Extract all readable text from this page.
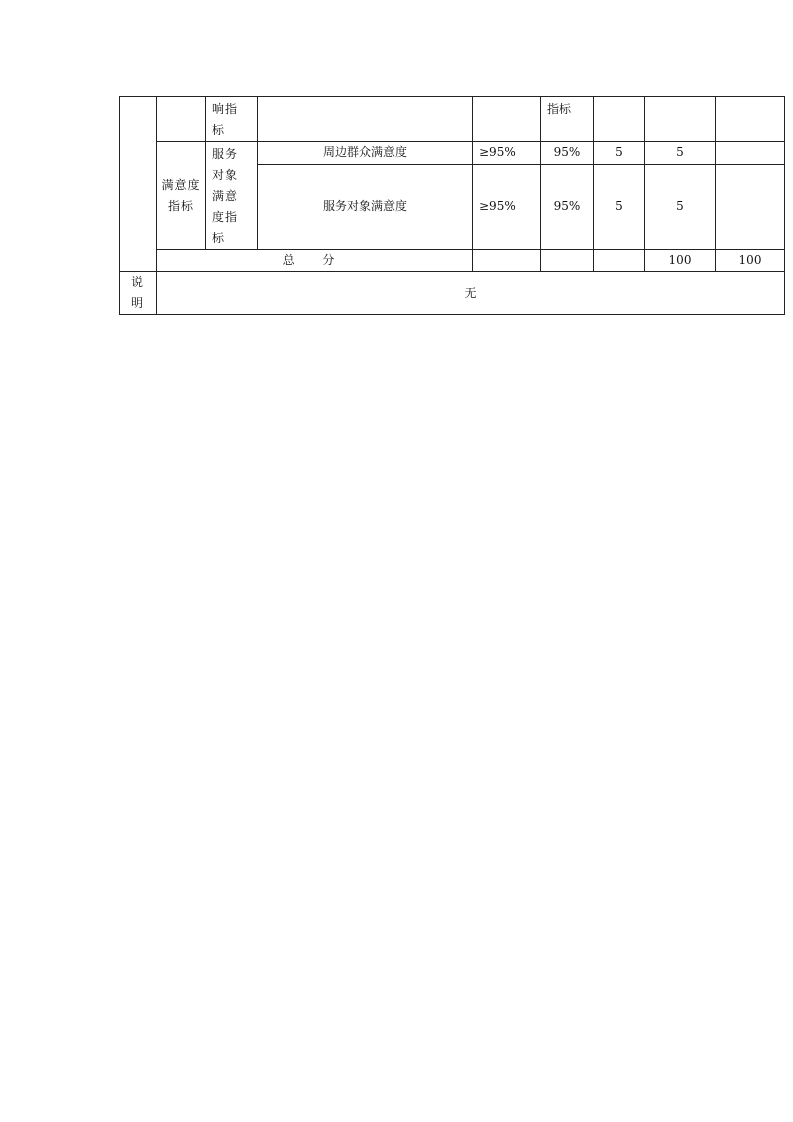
		响指标			指标				

	满意度指标	服务对象满意度指标	周边群众满意度	≥95%	95%	5	5		

			服务对象满意度	≥95%	95%	5	5		

	总 分						100	100	

说明	无								
